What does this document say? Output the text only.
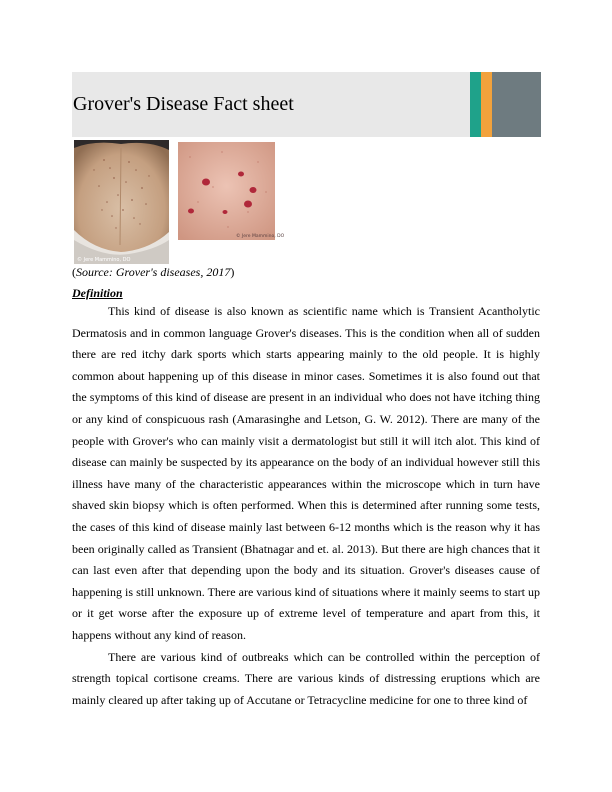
Grover's Disease Fact sheet
© Jere Mammino, DO
© Jere Mammino, DO
(Source: Grover's diseases, 2017)
Definition

This kind of disease is also known as scientific name which is Transient Acantholytic Dermatosis and in common language Grover's diseases. This is the condition when all of sudden there are red itchy dark sports which starts appearing mainly to the old people. It is highly common about happening up of this disease in minor cases. Sometimes it is also found out that the symptoms of this kind of disease are present in an individual who does not have itching thing or any kind of conspicuous rash (Amarasinghe and Letson, G. W. 2012). There are many of the people with Grover's who can mainly visit a dermatologist but still it will itch alot. This kind of disease can mainly be suspected by its appearance on the body of an individual however still this illness have many of the characteristic appearances within the microscope which in turn have shaved skin biopsy which is often performed. When this is determined after running some tests, the cases of this kind of disease mainly last between 6-12 months which is the reason why it has been originally called as Transient (Bhatnagar and et. al. 2013). But there are high chances that it can last even after that depending upon the body and its situation. Grover's diseases cause of happening is still unknown. There are various kind of situations where it mainly seems to start up or it get worse after the exposure up of extreme level of temperature and apart from this, it happens without any kind of reason.

There are various kind of outbreaks which can be controlled within the perception of strength topical cortisone creams. There are various kinds of distressing eruptions which are mainly cleared up after taking up of Accutane or Tetracycline medicine for one to three kind of
